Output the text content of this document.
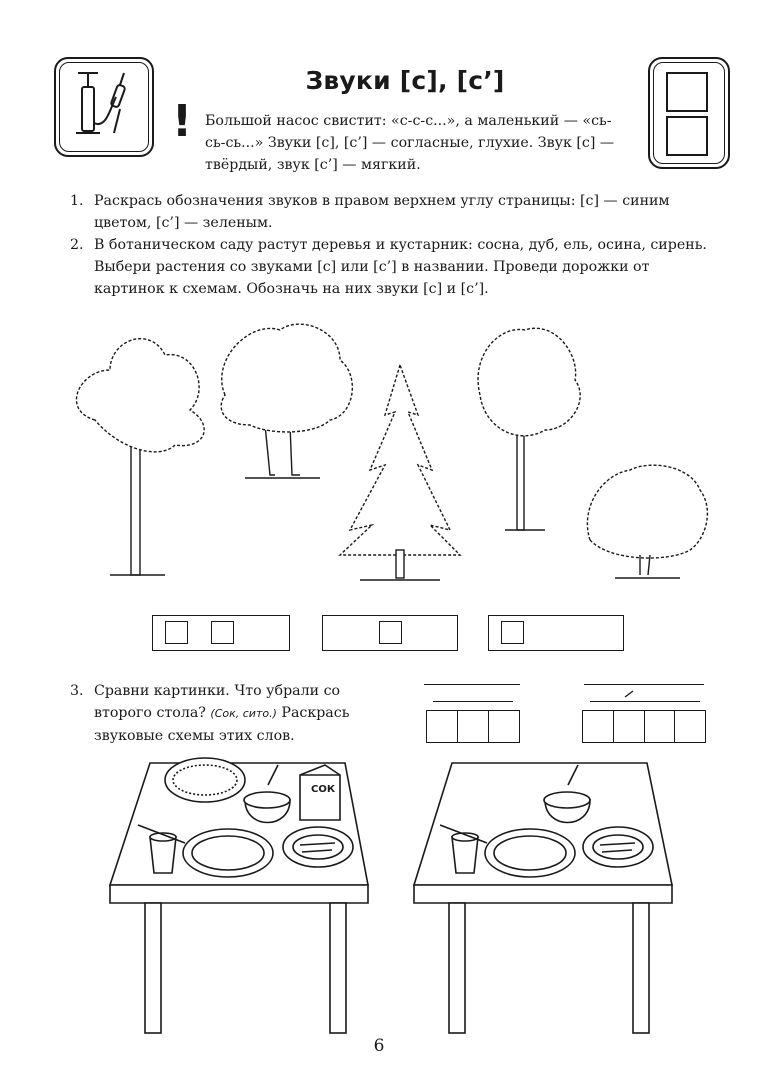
Звуки [с], [с’]
! Большой насос свистит: «с-с-с...», а маленький — «сь-сь-сь...» Звуки [с], [с’] — согласные, глухие. Звук [с] — твёрдый, звук [с’] — мягкий.
1. Раскрась обозначения звуков в правом верхнем углу страницы: [с] — синим цветом, [с’] — зеленым.
2. В ботаническом саду растут деревья и кустарник: сосна, дуб, ель, осина, сирень. Выбери растения со звуками [с] или [с’] в названии. Проведи дорожки от картинок к схемам. Обозначь на них звуки [с] и [с’].
3. Сравни картинки. Что убрали со второго стола? (Сок, сито.) Раскрась звуковые схемы этих слов.
СОК
6
